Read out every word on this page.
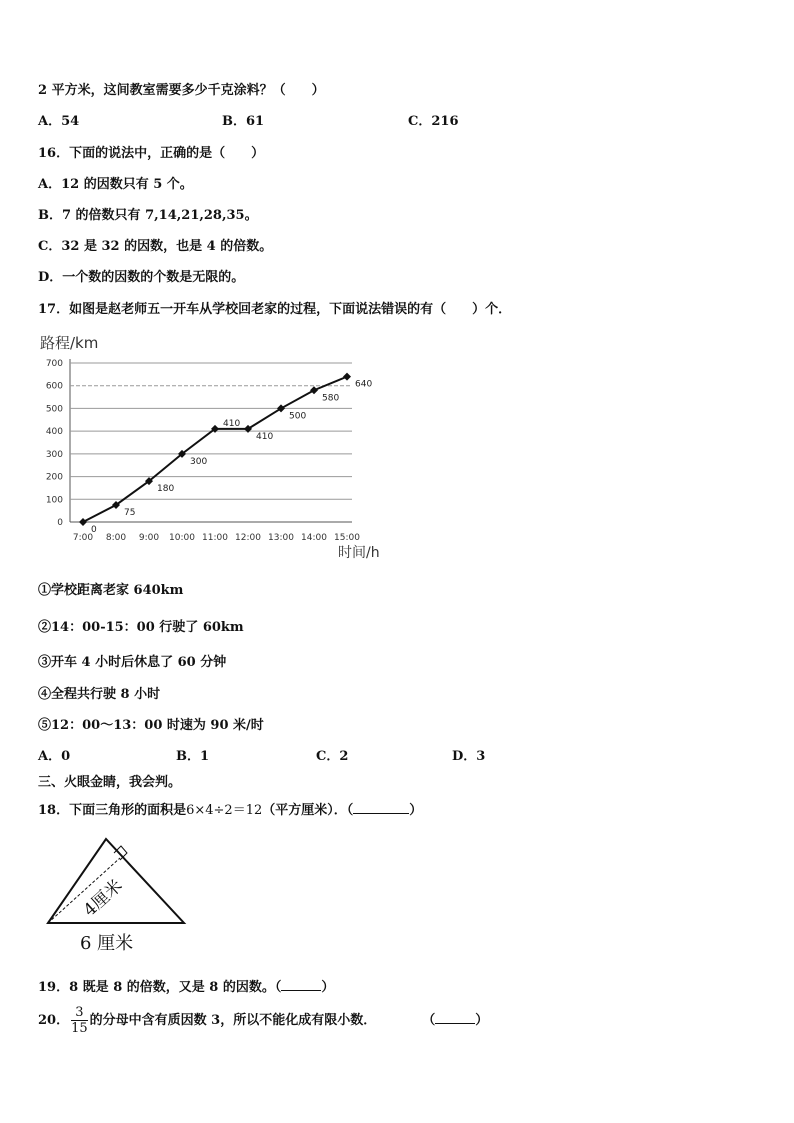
2 平方米，这间教室需要多少千克涂料？（　　）
A．54	B．61	C．216
16．下面的说法中，正确的是（　　）
A．12 的因数只有 5 个。
B．7 的倍数只有 7,14,21,28,35。
C．32 是 32 的因数，也是 4 的倍数。
D．一个数的因数的个数是无限的。
17．如图是赵老师五一开车从学校回老家的过程，下面说法错误的有（　　）个．
路程/km
时间/h
0
100
200
300
400
500
600
700
7:00 8:00 9:00 10:00 11:00 12:00 13:00 14:00 15:00
0
75
180
300
410
410
500
580
640
①学校距离老家 640km
②14：00-15：00 行驶了 60km
③开车 4 小时后休息了 60 分钟
④全程共行驶 8 小时
⑤12：00～13：00 时速为 90 米/时
A．0	B．1	C．2	D．3
三、火眼金睛，我会判。
18．下面三角形的面积是6×4÷2＝12（平方厘米）．（	）
4厘米
6 厘米
19．8 既是 8 的倍数，又是 8 的因数。（	）
20． $\frac{3}{15}$ 的分母中含有质因数 3，所以不能化成有限小数．	（	）
